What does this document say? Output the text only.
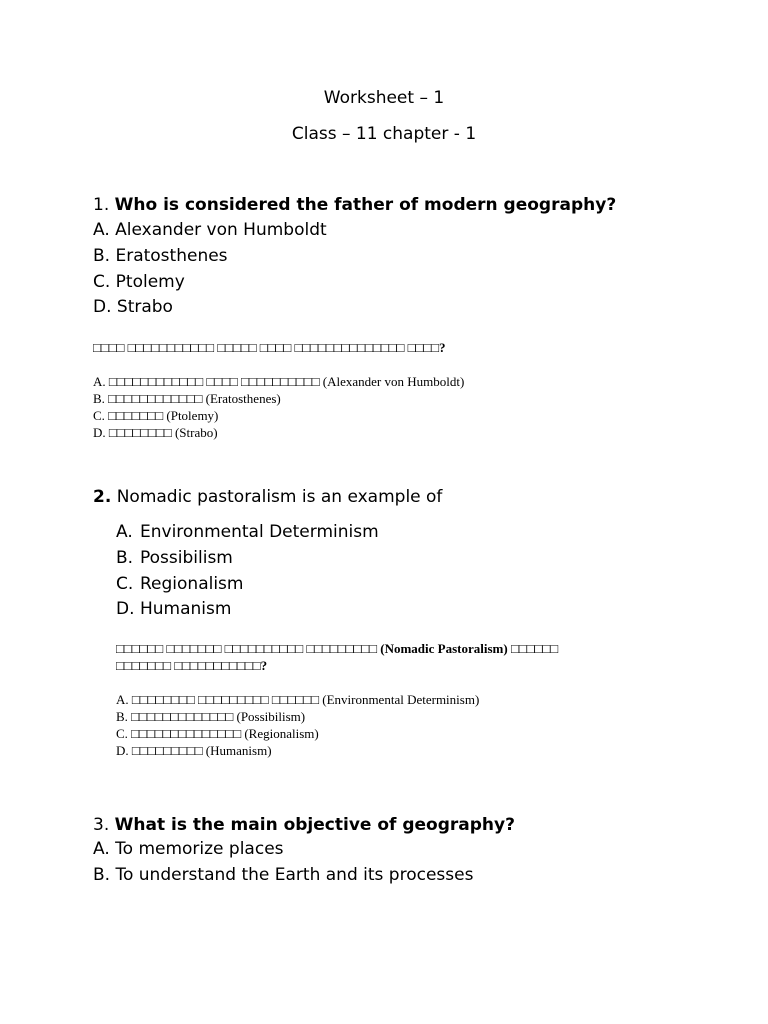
Worksheet – 1
Class – 11 chapter - 1
1. Who is considered the father of modern geography?
A. Alexander von Humboldt
B. Eratosthenes
C. Ptolemy
D. Strabo
□□□□ □□□□□□□□□□□ □□□□□ □□□□ □□□□□□□□□□□□□□ □□□□?
A. □□□□□□□□□□□□ □□□□ □□□□□□□□□□ (Alexander von Humboldt)
B. □□□□□□□□□□□□ (Eratosthenes)
C. □□□□□□□ (Ptolemy)
D. □□□□□□□□ (Strabo)
2. Nomadic pastoralism is an example of
A. Environmental Determinism
B. Possibilism
C. Regionalism
D. Humanism
□□□□□□ □□□□□□□ □□□□□□□□□□ □□□□□□□□□ (Nomadic Pastoralism) □□□□□□
□□□□□□□ □□□□□□□□□□□?
A. □□□□□□□□ □□□□□□□□□ □□□□□□ (Environmental Determinism)
B. □□□□□□□□□□□□□ (Possibilism)
C. □□□□□□□□□□□□□□ (Regionalism)
D. □□□□□□□□□ (Humanism)
3. What is the main objective of geography?
A. To memorize places
B. To understand the Earth and its processes
